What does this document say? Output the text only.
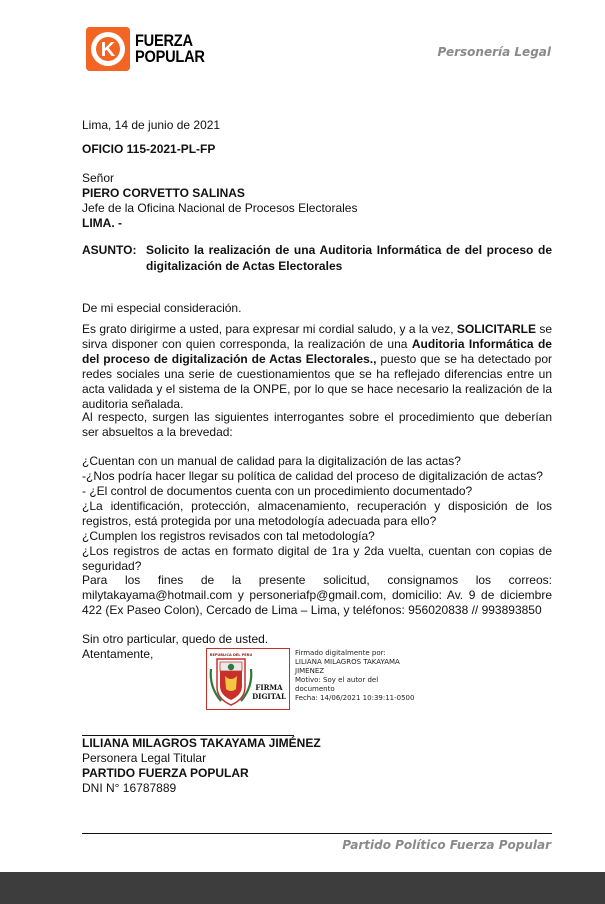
K FUERZA
POPULAR	Personería Legal
Lima, 14 de junio de 2021
OFICIO 115-2021-PL-FP
Señor
PIERO CORVETTO SALINAS
Jefe de la Oficina Nacional de Procesos Electorales
LIMA. -
ASUNTO: Solicito la realización de una Auditoria Informática de del proceso de digitalización de Actas Electorales
De mi especial consideración.
Es grato dirigirme a usted, para expresar mi cordial saludo, y a la vez, SOLICITARLE se sirva disponer con quien corresponda, la realización de una Auditoria Informática de del proceso de digitalización de Actas Electorales., puesto que se ha detectado por redes sociales una serie de cuestionamientos que se ha reflejado diferencias entre un acta validada y el sistema de la ONPE, por lo que se hace necesario la realización de la auditoria señalada.
Al respecto, surgen las siguientes interrogantes sobre el procedimiento que deberían ser absueltos a la brevedad:
¿Cuentan con un manual de calidad para la digitalización de las actas?
-¿Nos podría hacer llegar su política de calidad del proceso de digitalización de actas?
- ¿El control de documentos cuenta con un procedimiento documentado?
¿La identificación, protección, almacenamiento, recuperación y disposición de los registros, está protegida por una metodología adecuada para ello?
¿Cumplen los registros revisados con tal metodología?
¿Los registros de actas en formato digital de 1ra y 2da vuelta, cuentan con copias de seguridad?
Para los fines de la presente solicitud, consignamos los correos: milytakayama@hotmail.com y personeriafp@gmail.com, domicilio: Av. 9 de diciembre 422 (Ex Paseo Colon), Cercado de Lima – Lima, y teléfonos: 956020838 // 993893850
Sin otro particular, quedo de usted.
Atentamente,	REPÚBLICA DEL PERÚ
FIRMA
DIGITAL
Firmado digitalmente por:
LILIANA MILAGROS TAKAYAMA
JIMENEZ
Motivo: Soy el autor del
documento
Fecha: 14/06/2021 10:39:11-0500
LILIANA MILAGROS TAKAYAMA JIMÉNEZ
Personera Legal Titular
PARTIDO FUERZA POPULAR
DNI N° 16787889
Partido Político Fuerza Popular
